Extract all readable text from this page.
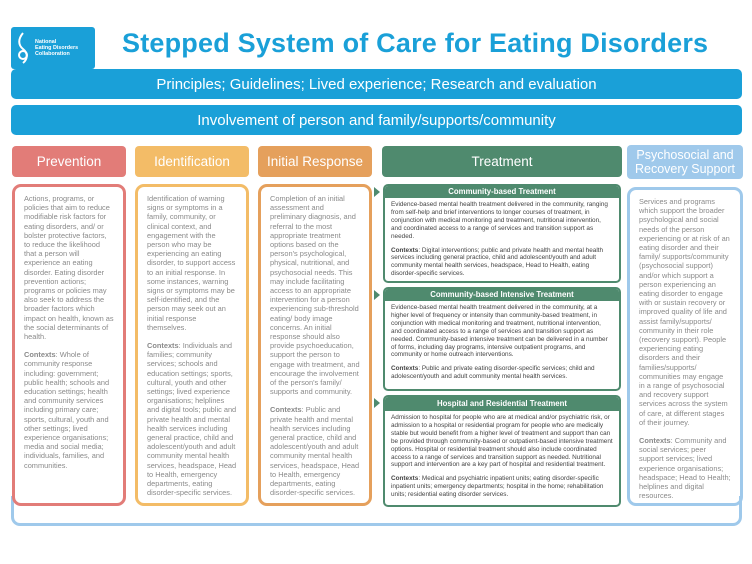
National
Eating Disorders
Collaboration	Stepped System of Care for Eating Disorders
Principles; Guidelines; Lived experience; Research and evaluation
Involvement of person and family/supports/community
Prevention

Actions, programs, or policies that aim to reduce modifiable risk factors for eating disorders, and/ or bolster protective factors, to reduce the likelihood that a person will experience an eating disorder. Eating disorder prevention actions; programs or policies may also seek to address the broader factors which impact on health, known as the social determinants of health.

Contexts: Whole of community response including: government; public health; schools and education settings; health and community services including primary care; sports, cultural, youth and other settings; lived experience organisations; media and social media; individuals, families, and communities.

Identification

Identification of warning signs or symptoms in a family, community, or clinical context, and engagement with the person who may be experiencing an eating disorder, to support access to an initial response. In some instances, warning signs or symptoms may be self-identified, and the person may seek out an initial response themselves.

Contexts: Individuals and families; community services; schools and education settings; sports, cultural, youth and other settings; lived experience organisations; helplines and digital tools; public and private health and mental health services including general practice, child and adolescent/youth and adult community mental health services, headspace, Head to Health, emergency departments, eating disorder-specific services.

Initial Response

Completion of an initial assessment and preliminary diagnosis, and referral to the most appropriate treatment options based on the person's psychological, physical, nutritional, and psychosocial needs. This may include facilitating access to an appropriate intervention for a person experiencing sub-threshold eating/ body image concerns. An initial response should also provide psychoeducation, support the person to engage with treatment, and encourage the involvement of the person's family/ supports and community.

Contexts: Public and private health and mental health services including general practice, child and adolescent/youth and adult community mental health services, headspace, Head to Health, emergency departments, eating disorder-specific services.

Treatment
Community-based Treatment

Evidence-based mental health treatment delivered in the community, ranging from self-help and brief interventions to longer courses of treatment, in conjunction with medical monitoring and treatment, nutritional intervention, and coordinated access to a range of services and transition support as needed.

Contexts: Digital interventions; public and private health and mental health services including general practice, child and adolescent/youth and adult community mental health services, headspace, Head to Health, eating disorder-specific services.

Community-based Intensive Treatment

Evidence-based mental health treatment delivered in the community, at a higher level of frequency or intensity than community-based treatment, in conjunction with medical monitoring and treatment, nutritional intervention, and coordinated access to a range of services and transition support as needed. Community-based intensive treatment can be delivered in a number of forms, including day programs, intensive outpatient programs, and community or home outreach interventions.

Contexts: Public and private eating disorder-specific services; child and adolescent/youth and adult community mental health services.

Hospital and Residential Treatment

Admission to hospital for people who are at medical and/or psychiatric risk, or admission to a hospital or residential program for people who are medically stable but would benefit from a higher level of treatment and support than can be provided through community-based or outpatient-based intensive treatment options. Hospital or residential treatment should also include coordinated access to a range of services and transition support as needed. Nutritional support and intervention are a key part of hospital and residential treatment.

Contexts: Medical and psychiatric inpatient units; eating disorder-specific inpatient units; emergency departments; hospital in the home; rehabilitation units; residential eating disorder services.

Psychosocial and Recovery Support

Services and programs which support the broader psychological and social needs of the person experiencing or at risk of an eating disorder and their family/ supports/community (psychosocial support) and/or which support a person experiencing an eating disorder to engage with or sustain recovery or improved quality of life and assist family/supports/ community in their role (recovery support). People experiencing eating disorders and their families/supports/ communities may engage in a range of psychosocial and recovery support services across the system of care, at different stages of their journey.

Contexts: Community and social services; peer support services; lived experience organisations; headspace; Head to Health; helplines and digital resources.
